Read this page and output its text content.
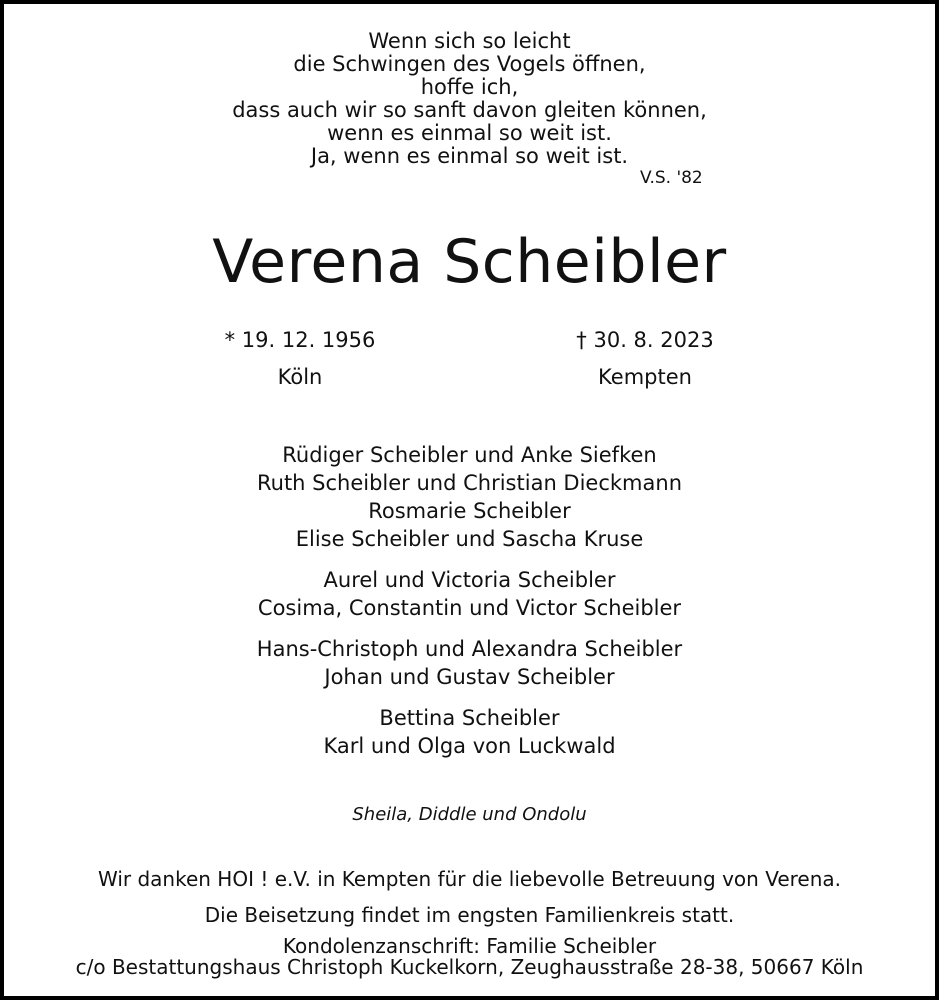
Wenn sich so leicht
die Schwingen des Vogels öffnen,
hoffe ich,
dass auch wir so sanft davon gleiten können,
wenn es einmal so weit ist.
Ja, wenn es einmal so weit ist.
V.S. '82
Verena Scheibler
* 19. 12. 1956
Köln
† 30. 8. 2023
Kempten
Rüdiger Scheibler und Anke Siefken
Ruth Scheibler und Christian Dieckmann
Rosmarie Scheibler
Elise Scheibler und Sascha Kruse
Aurel und Victoria Scheibler
Cosima, Constantin und Victor Scheibler
Hans-Christoph und Alexandra Scheibler
Johan und Gustav Scheibler
Bettina Scheibler
Karl und Olga von Luckwald
Sheila, Diddle und Ondolu
Wir danken HOI ! e.V. in Kempten für die liebevolle Betreuung von Verena.
Die Beisetzung findet im engsten Familienkreis statt.
Kondolenzanschrift: Familie Scheibler
c/o Bestattungshaus Christoph Kuckelkorn, Zeughausstraße 28-38, 50667 Köln
